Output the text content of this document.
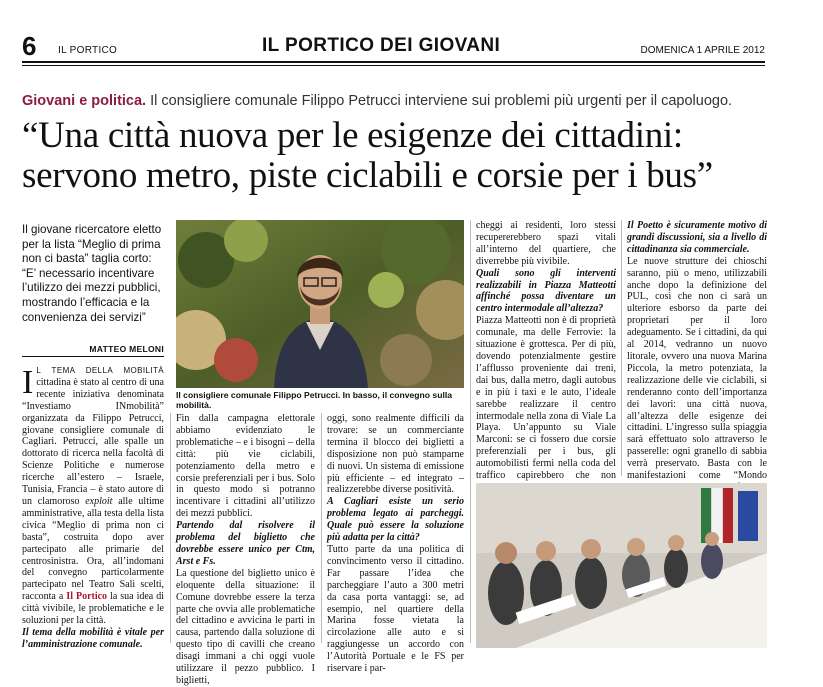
6 IL PORTICO	IL PORTICO DEI GIOVANI	DOMENICA 1 APRILE 2012
Giovani e politica. Il consigliere comunale Filippo Petrucci interviene sui problemi più urgenti per il capoluogo.
“Una città nuova per le esigenze dei cittadini:
servono metro, piste ciclabili e corsie per i bus”
Il giovane ricercatore eletto per la lista “Meglio di prima non ci basta” taglia corto: “E’ necessario incentivare l’utilizzo dei mezzi pubblici, mostrando l’efficacia e la convenienza dei servizi”
MATTEO MELONI
Il consigliere comunale Filippo Petrucci. In basso, il convegno sulla mobilità.

I L TEMA DELLA MOBILITÀ cittadina è stato al centro di una recente iniziativa denominata “Investiamo INmobilità” organizzata da Filippo Petrucci, giovane consigliere comunale di Cagliari. Petrucci, alle spalle un dottorato di ricerca nella facoltà di Scienze Politiche e numerose ricerche all’estero – Israele, Tunisia, Francia – è stato autore di un clamoroso exploit alle ultime amministrative, alla testa della lista civica “Meglio di prima non ci basta”, costruita dopo aver partecipato alle primarie del centrosinistra. Ora, all’indomani del convegno particolarmente partecipato nel Teatro Sali scelti, racconta a Il Portico la sua idea di città vivibile, le problematiche e le soluzioni per la città.

Il tema della mobilità è vitale per l’amministrazione comunale.

Fin dalla campagna elettorale abbiamo evidenziato le problematiche – e i bisogni – della città: più vie ciclabili, potenziamento della metro e corsie preferenziali per i bus. Solo in questo modo si potranno incentivare i cittadini all’utilizzo dei mezzi pubblici.

Partendo dal risolvere il problema del biglietto che dovrebbe essere unico per Ctm, Arst e Fs.

La questione del biglietto unico è eloquente della situazione: il Comune dovrebbe essere la terza parte che ovvia alle problematiche del cittadino e avvicina le parti in causa, partendo dalla soluzione di questo tipo di cavilli che creano disagi immani a chi oggi vuole utilizzare il pezzo pubblico. I biglietti,

oggi, sono realmente difficili da trovare: se un commerciante termina il blocco dei biglietti a disposizione non può stamparne di nuovi. Un sistema di emissione più efficiente – ed integrato – realizzerebbe diverse positività.

A Cagliari esiste un serio problema legato ai parcheggi. Quale può essere la soluzione più adatta per la città?

Tutto parte da una politica di convincimento verso il cittadino. Far passare l’idea che parcheggiare l’auto a 300 metri da casa porta vantaggi: se, ad esempio, nel quartiere della Marina fosse vietata la circolazione alle auto e si raggiungesse un accordo con l’Autorità Portuale e le FS per riservare i par-

cheggi ai residenti, loro stessi recupererebbero spazi vitali all’interno del quartiere, che diverrebbe più vivibile.

Quali sono gli interventi realizzabili in Piazza Matteotti affinché possa diventare un centro intermodale all’altezza?

Piazza Matteotti non è di proprietà comunale, ma delle Ferrovie: la situazione è grottesca. Per di più, dovendo potenzialmente gestire l’afflusso proveniente dai treni, dai bus, dalla metro, dagli autobus e in più i taxi e le auto, l’ideale sarebbe realizzare il centro intermodale nella zona di Viale La Playa. Un’appunto su Viale Marconi: se ci fossero due corsie preferenziali per i bus, gli automobilisti fermi nella coda del traffico capirebbero che non

Il Poetto è sicuramente motivo di grandi discussioni, sia a livello di cittadinanza sia commerciale.

Le nuove strutture dei chioschi saranno, più o meno, utilizzabili anche dopo la definizione del PUL, così che non ci sarà un ulteriore esborso da parte dei proprietari per il loro adeguamento. Se i cittadini, da qui al 2014, vedranno un nuovo litorale, ovvero una nuova Marina Piccola, la metro potenziata, la realizzazione delle vie ciclabili, si renderanno conto dell’importanza dei lavori: una città nuova, all’altezza delle esigenze dei cittadini. L’ingresso sulla spiaggia sarà effettuato solo attraverso le passerelle: ogni granello di sabbia verrà preservato. Basta con le manifestazioni come “Mondo
